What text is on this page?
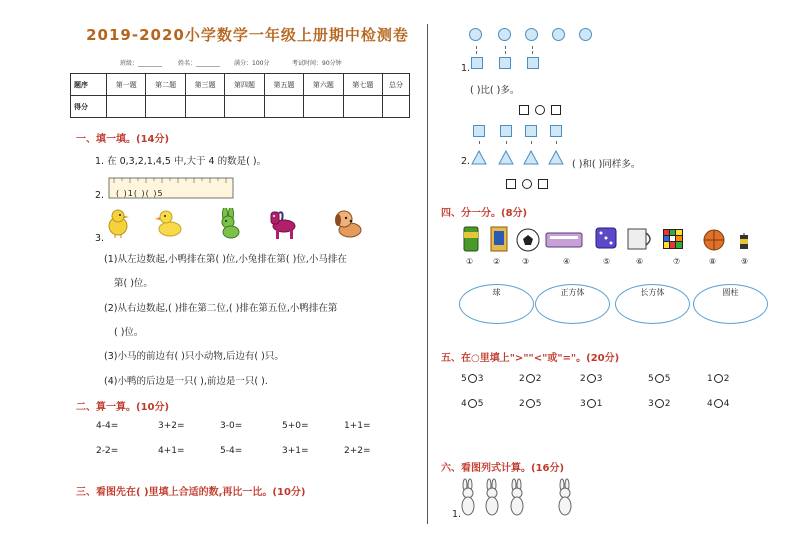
2019-2020小学数学一年级上册期中检测卷
班级：________	姓名：________ 满分：100分	考试时间：90分钟
题序	第一题	第二题	第三题	第四题	第五题	第六题	第七题	总分
得分								
一、填一填。(14分)
1. 在 0,3,2,1,4,5 中,大于 4 的数是( )。
2. ( )1( )( )5
3.
(1)从左边数起,小鸭排在第( )位,小兔排在第( )位,小马排在
第( )位。
(2)从右边数起,( )排在第二位,( )排在第五位,小鸭排在第
( )位。
(3)小马的前边有( )只小动物,后边有( )只。
(4)小鸭的后边是一只( ),前边是一只( ).
二、算一算。(10分)
4-4=	3+2=	3-0=	5+0=	1+1=
2-2=	4+1=	5-4=	3+1=	2+2=
三、看图先在( )里填上合适的数,再比一比。(10分)
1.
( )比( )多。
2.	( )和( )同样多。
四、分一分。(8分)
① ②	③	④	⑤	⑥	⑦	⑧	⑨
球	正方体	长方体	圆柱
五、在○里填上">""<"或"="。(20分)
5 3	2 2	2 3	5 5	1 2
4 5	2 5	3 1	3 2	4 4
六、看图列式计算。(16分)
1.
